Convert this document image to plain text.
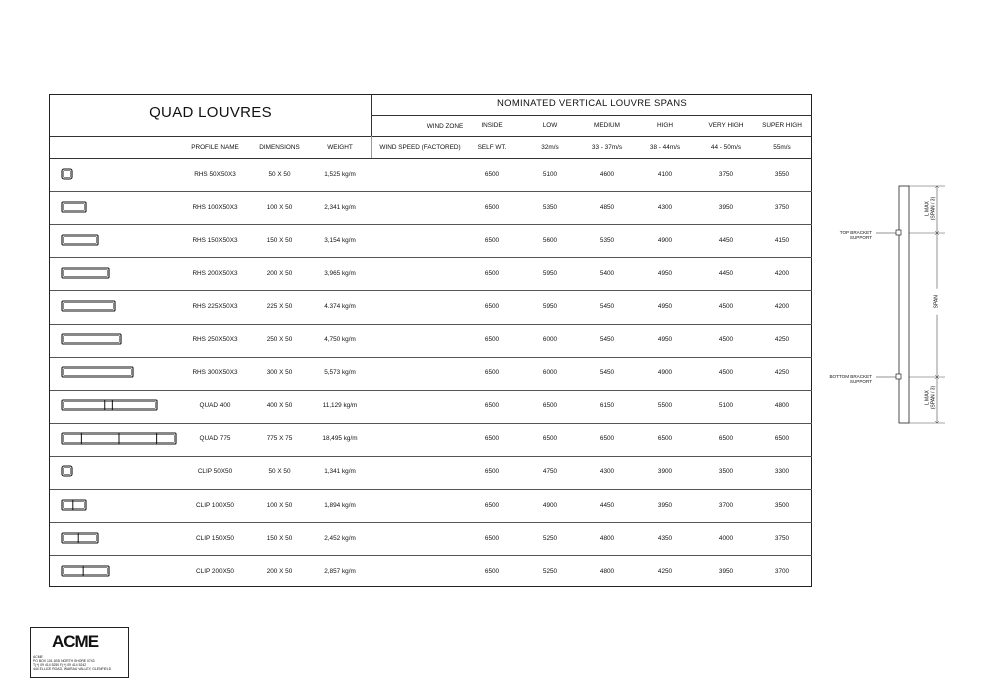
QUAD LOUVRES
NOMINATED VERTICAL LOUVRE SPANS
WIND ZONE	INSIDE	LOW	MEDIUM	HIGH	VERY HIGH	SUPER HIGH
PROFILE NAME	DIMENSIONS	WEIGHT	WIND SPEED (FACTORED)	SELF WT.	32m/s	33 - 37m/s	38 - 44m/s	44 - 50m/s	55m/s
RHS 50X50X3	50 X 50	1,525 kg/m	6500	5100	4600	4100	3750	3550
RHS 100X50X3	100 X 50	2,341 kg/m	6500	5350	4850	4300	3950	3750
RHS 150X50X3	150 X 50	3,154 kg/m	6500	5600	5350	4900	4450	4150
RHS 200X50X3	200 X 50	3,965 kg/m	6500	5950	5400	4950	4450	4200
RHS 225X50X3	225 X 50	4.374 kg/m	6500	5950	5450	4950	4500	4200
RHS 250X50X3	250 X 50	4,750 kg/m	6500	6000	5450	4950	4500	4250
RHS 300X50X3	300 X 50	5,573 kg/m	6500	6000	5450	4900	4500	4250
QUAD 400	400 X 50	11,129 kg/m	6500	6500	6150	5500	5100	4800
QUAD 775	775 X 75	18,495 kg/m	6500	6500	6500	6500	6500	6500
CLIP 50X50	50 X 50	1,341 kg/m	6500	4750	4300	3900	3500	3300
CLIP 100X50	100 X 50	1,894 kg/m	6500	4900	4450	3950	3700	3500
CLIP 150X50	150 X 50	2,452 kg/m	6500	5250	4800	4350	4000	3750
CLIP 200X50	200 X 50	2,857 kg/m	6500	5250	4800	4250	3950	3700
ACME
ACME
PO BOX 101 1BD NORTH SHORE 0743
T(+) 09 414 5250 F(+) 09 414 5242
444 ELLICE ROAD, WAIRAU VALLEY, GLENFIELD
TOP BRACKET
SUPPORT
BOTTOM BRACKET
SUPPORT
SPAN
L MAX
(SPAN / 3)
L MAX
(SPAN / 3)
